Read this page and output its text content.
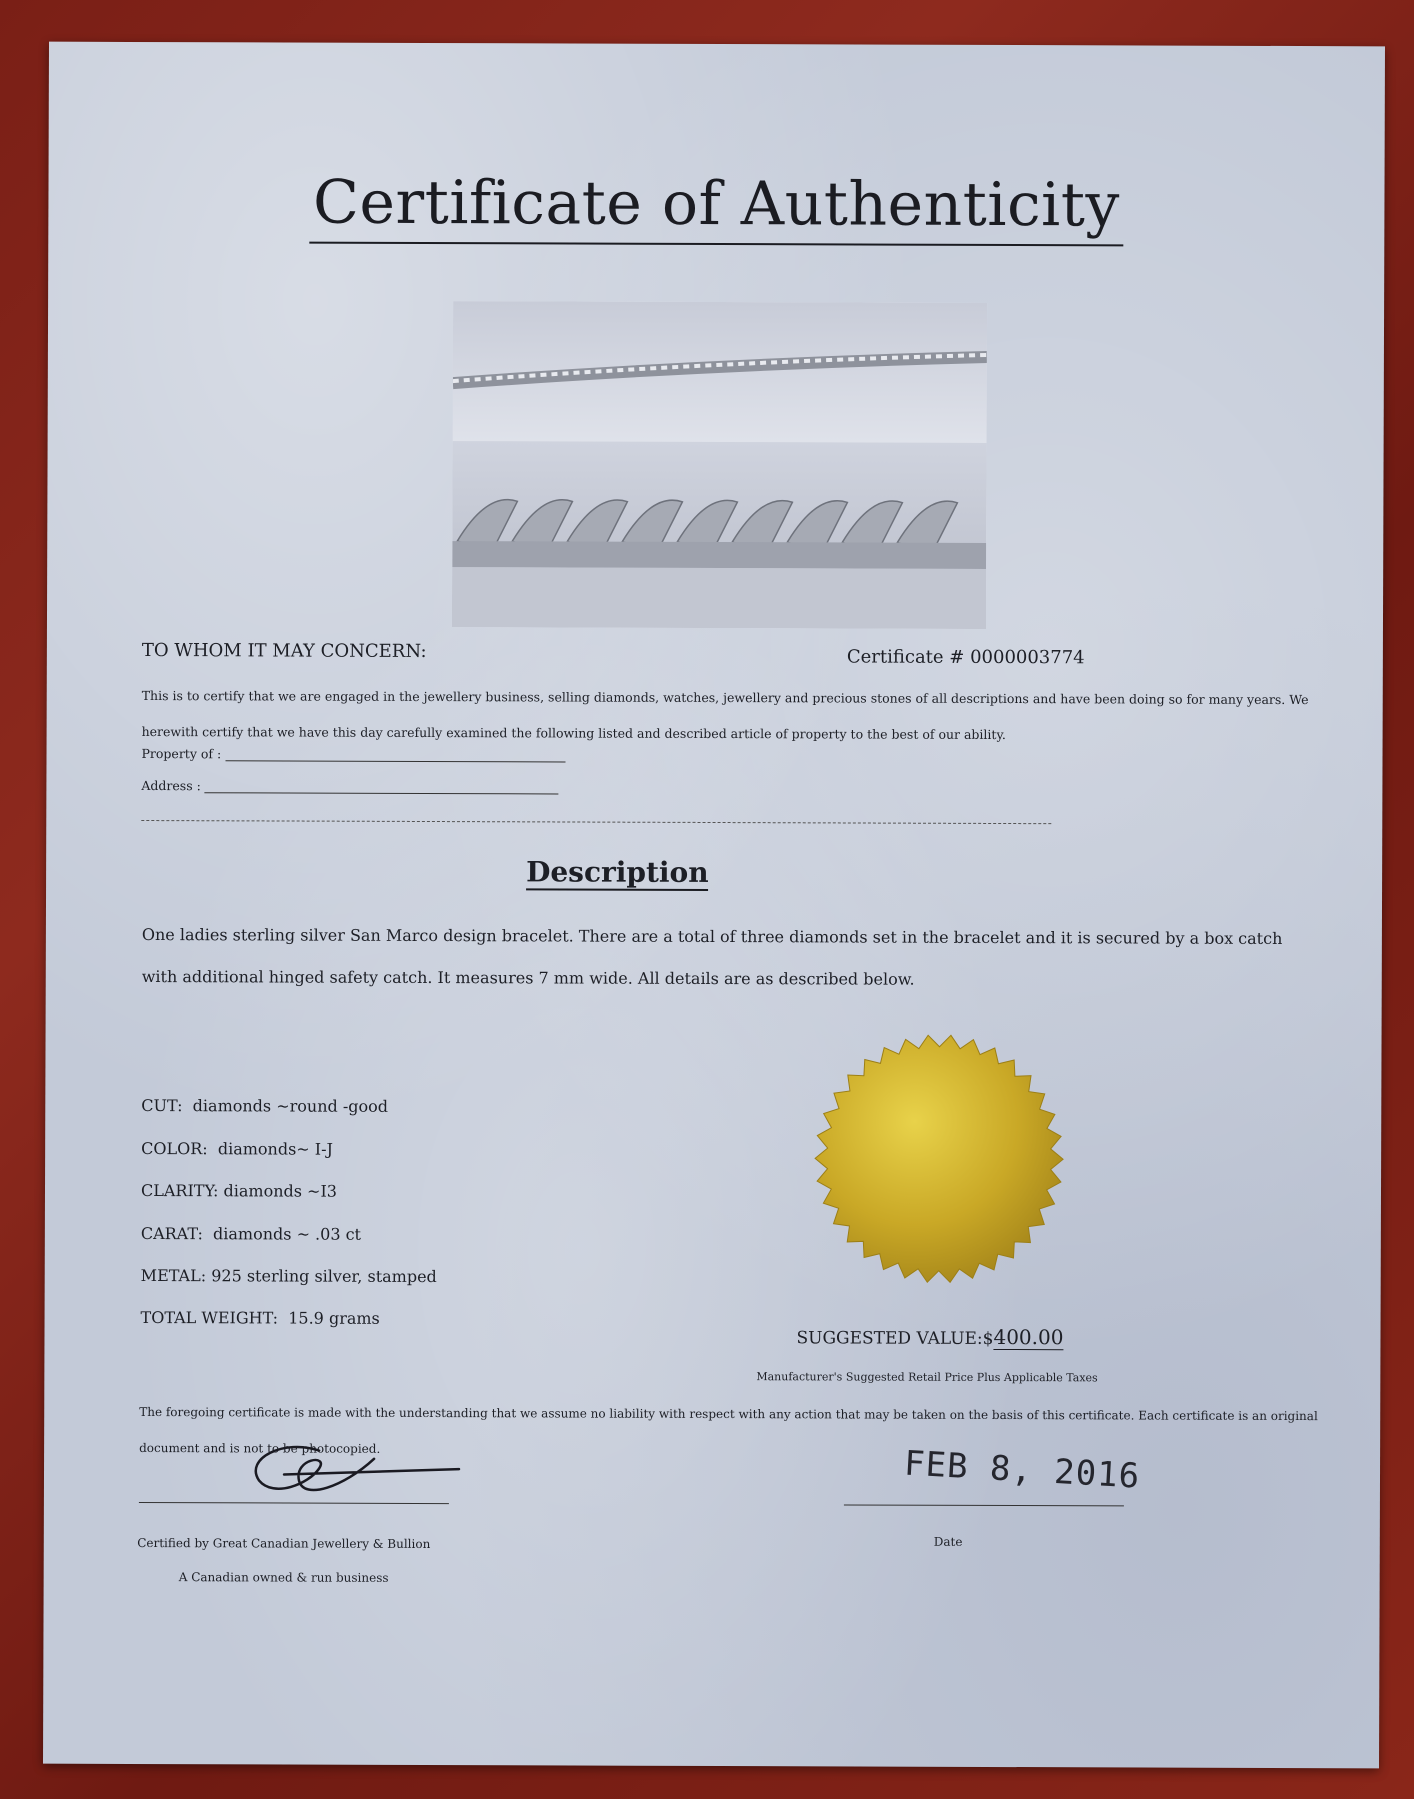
Certificate of Authenticity
TO WHOM IT MAY CONCERN:	Certificate # 0000003774
This is to certify that we are engaged in the jewellery business, selling diamonds, watches, jewellery and precious stones of all descriptions and have been doing so for many years. We herewith certify that we have this day carefully examined the following listed and described article of property to the best of our ability.
Property of :
Address :
Description
One ladies sterling silver San Marco design bracelet. There are a total of three diamonds set in the bracelet and it is secured by a box catch with additional hinged safety catch. It measures 7 mm wide. All details are as described below.
CUT: diamonds ~round -good
COLOR: diamonds~ I-J
CLARITY: diamonds ~I3
CARAT: diamonds ~ .03 ct
METAL: 925 sterling silver, stamped
TOTAL WEIGHT: 15.9 grams
SUGGESTED VALUE:$400.00
Manufacturer's Suggested Retail Price Plus Applicable Taxes
The foregoing certificate is made with the understanding that we assume no liability with respect with any action that may be taken on the basis of this certificate. Each certificate is an original document and is not to be photocopied.	FEB 8, 2016
Certified by Great Canadian Jewellery & Bullion
A Canadian owned & run business
Date
